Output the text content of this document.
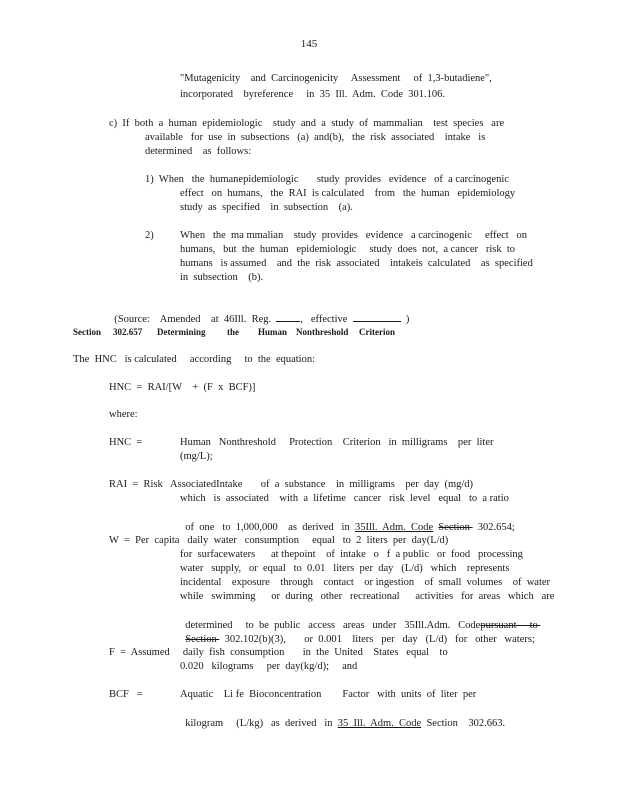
145
"Mutagenicity    and  Carcinogenicity     Assessment     of  1,3-butadiene",
incorporated    byreference     in  35  Ill.  Adm.  Code  301.106.
c)  If  both  a  human  epidemiologic    study  and  a  study  of  mammalian    test  species   are
available   for  use  in  subsections   (a)  and(b),   the  risk  associated    intake   is
determined    as  follows:
1)  When   the  humanepidemiologic       study  provides   evidence   of  a carcinogenic
effect   on  humans,   the  RAI  is calculated    from   the  human   epidemiology
study  as  specified    in  subsection    (a).
2)	When   the  ma mmalian    study  provides   evidence   a carcinogenic     effect   on
humans,   but  the  human   epidemiologic     study  does  not,  a cancer   risk  to
humans   is assumed    and  the  risk  associated    intakeis  calculated    as  specified
in  subsection    (b).

(Source:    Amended    at  46Ill.  Reg.  ,   effective	)

Section 302.657 Determining the Human Nonthreshold Criterion
The  HNC   is calculated     according     to  the  equation:
HNC  =  RAI/[W    +  (F  x  BCF)]
where:
HNC  =	Human   Nonthreshold     Protection    Criterion   in  milligrams    per  liter
(mg/L);
RAI  =  Risk   AssociatedIntake       of  a  substance    in  milligrams    per  day  (mg/d)
which   is  associated    with  a  lifetime   cancer   risk  level   equal   to  a ratio

of  one   to  1,000,000    as  derived   in  35Ill.  Adm.  Code Section   302.654;

W  =  Per  capita   daily  water   consumption     equal   to  2  liters  per  day(L/d)
for  surfacewaters      at thepoint    of  intake   o   f  a public   or  food   processing
water   supply,   or  equal   to  0.01   liters  per  day   (L/d)   which    represents
incidental    exposure    through    contact    or ingestion    of  small  volumes    of  water
while   swimming      or  during   other   recreational      activities   for  areas   which   are

determined     to  be  public   access   areas   under   35Ill.Adm.   Codepursuant     to

Section   302.102(b)(3),       or  0.001    liters   per   day   (L/d)   for   other   waters;

F  =  Assumed     daily  fish  consumption       in  the  United    States   equal    to
0.020   kilograms     per  day(kg/d);     and
BCF   =	Aquatic    Li fe  Bioconcentration        Factor   with  units  of  liter  per

kilogram     (L/kg)   as  derived   in  35  Ill.  Adm.  Code  Section    302.663.
